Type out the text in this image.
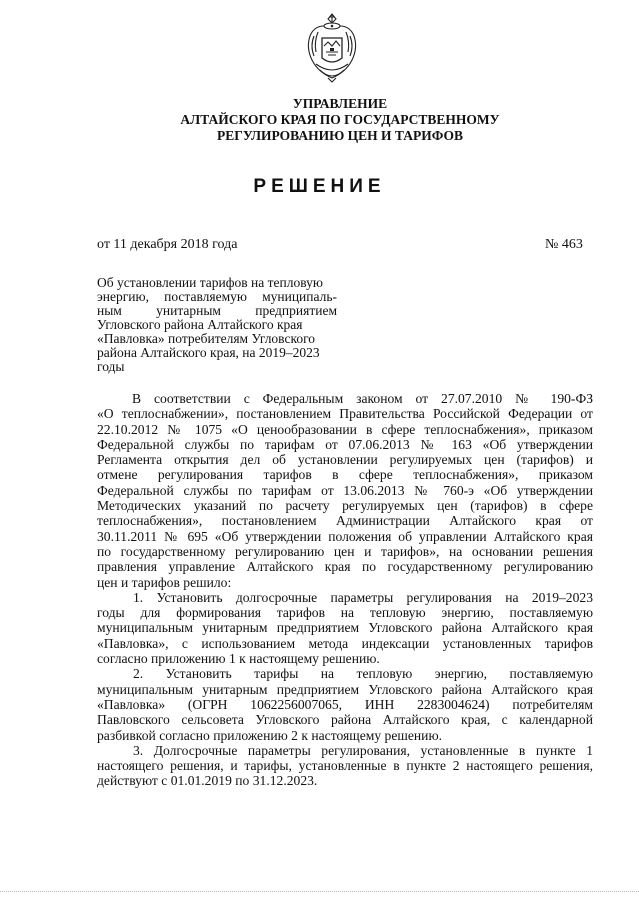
УПРАВЛЕНИЕ
АЛТАЙСКОГО КРАЯ ПО ГОСУДАРСТВЕННОМУ
РЕГУЛИРОВАНИЮ ЦЕН И ТАРИФОВ
РЕШЕНИЕ
от 11 декабря 2018 года	№ 463
Об установлении тарифов на тепловую
энергию, поставляемую муниципаль-
ным унитарным предприятием
Угловского района Алтайского края
«Павловка» потребителям Угловского
района Алтайского края, на 2019–2023
годы
В соответствии с Федеральным законом от 27.07.2010 № 190-ФЗ
«О теплоснабжении», постановлением Правительства Российской Федерации от
22.10.2012 № 1075 «О ценообразовании в сфере теплоснабжения», приказом
Федеральной службы по тарифам от 07.06.2013 № 163 «Об утверждении
Регламента открытия дел об установлении регулируемых цен (тарифов) и
отмене регулирования тарифов в сфере теплоснабжения», приказом
Федеральной службы по тарифам от 13.06.2013 № 760-э «Об утверждении
Методических указаний по расчету регулируемых цен (тарифов) в сфере
теплоснабжения», постановлением Администрации Алтайского края от
30.11.2011 № 695 «Об утверждении положения об управлении Алтайского края
по государственному регулированию цен и тарифов», на основании решения
правления управление Алтайского края по государственному регулированию
цен и тарифов решило:
1. Установить долгосрочные параметры регулирования на 2019–2023
годы для формирования тарифов на тепловую энергию, поставляемую
муниципальным унитарным предприятием Угловского района Алтайского края
«Павловка», с использованием метода индексации установленных тарифов
согласно приложению 1 к настоящему решению.
2. Установить тарифы на тепловую энергию, поставляемую
муниципальным унитарным предприятием Угловского района Алтайского края
«Павловка» (ОГРН 1062256007065, ИНН 2283004624) потребителям
Павловского сельсовета Угловского района Алтайского края, с календарной
разбивкой согласно приложению 2 к настоящему решению.
3. Долгосрочные параметры регулирования, установленные в пункте 1
настоящего решения, и тарифы, установленные в пункте 2 настоящего решения,
действуют с 01.01.2019 по 31.12.2023.
